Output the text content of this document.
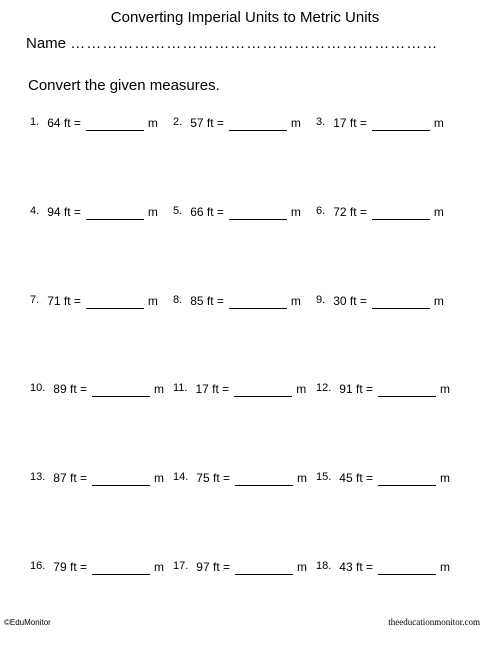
Converting Imperial Units to Metric Units
Name ……………………………………………………………
Convert the given measures.
1. 64 ft =	m 2. 57 ft =	m 3. 17 ft =	m
4. 94 ft =	m 5. 66 ft =	m 6. 72 ft =	m
7. 71 ft =	m 8. 85 ft =	m 9. 30 ft =	m
10. 89 ft =	m 11. 17 ft =	m 12. 91 ft =	m
13. 87 ft =	m 14. 75 ft =	m 15. 45 ft =	m
16. 79 ft =	m 17. 97 ft =	m 18. 43 ft =	m
©EduMonitor	theeducationmonitor.com
